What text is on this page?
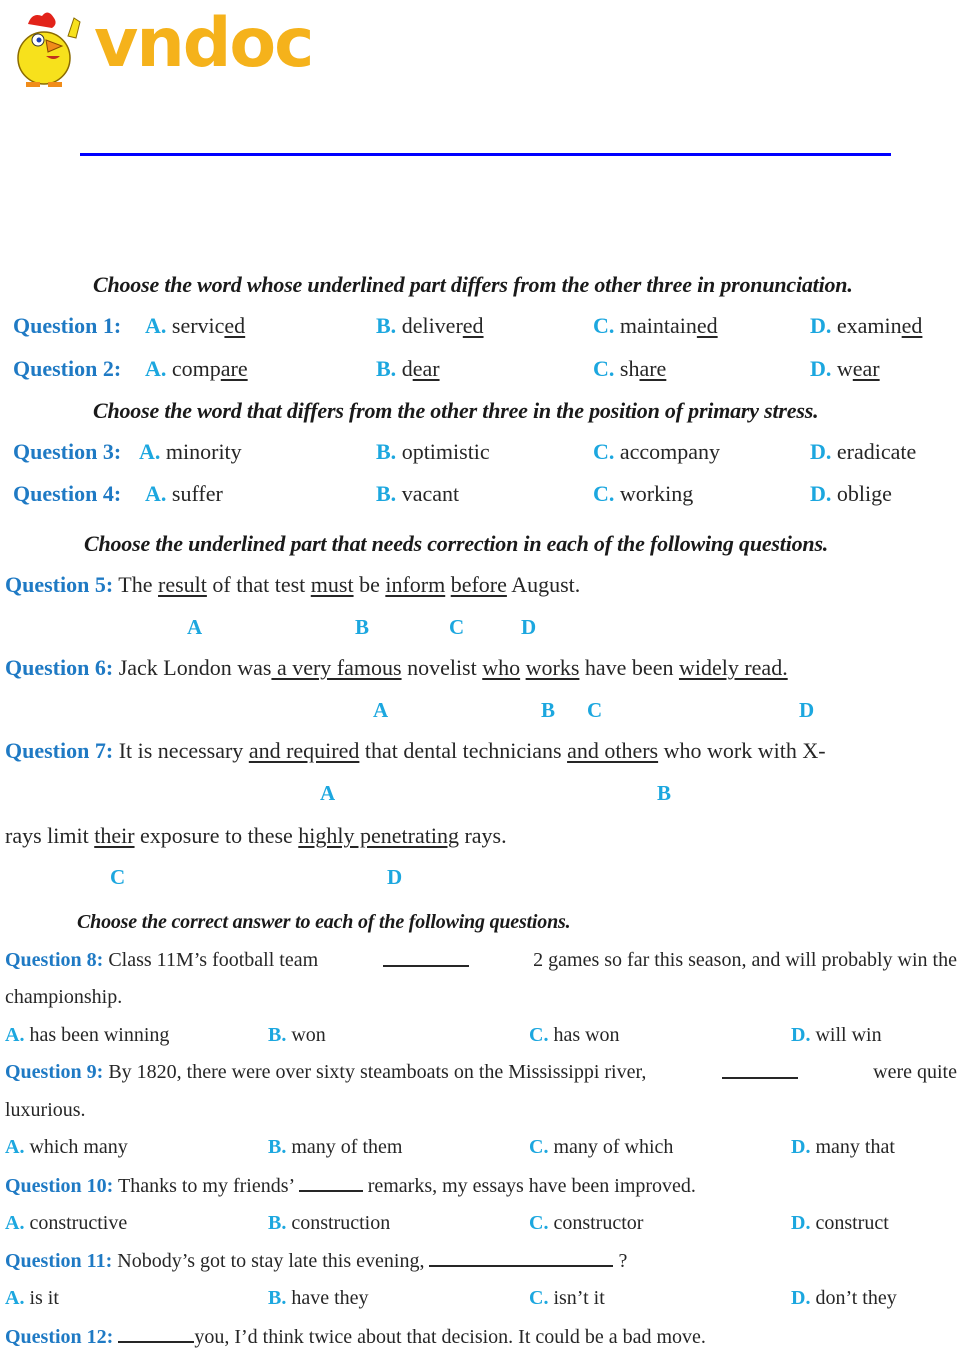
vndoc
Choose the word whose underlined part differs from the other three in pronunciation.
Question 1: A. serviced	B. delivered	C. maintained	D. examined
Question 2: A. compare	B. dear	C. share	D. wear
Choose the word that differs from the other three in the position of primary stress.
Question 3: A. minority	B. optimistic	C. accompany	D. eradicate
Question 4: A. suffer	B. vacant	C. working	D. oblige
Choose the underlined part that needs correction in each of the following questions.
Question 5: The result of that test must be inform before August.
A	B	C	D
Question 6: Jack London was a very famous novelist who works have been widely read.
A	B C	D
Question 7: It is necessary and required that dental technicians and others who work with X-
A	B
rays limit their exposure to these highly penetrating rays.
C	D
Choose the correct answer to each of the following questions.
Question 8: Class 11M’s football team	2 games so far this season, and will probably win the
championship.
A. has been winning	B. won	C. has won	D. will win
Question 9: By 1820, there were over sixty steamboats on the Mississippi river,	were quite
luxurious.
A. which many	B. many of them	C. many of which	D. many that
Question 10: Thanks to my friends’	remarks, my essays have been improved.
A. constructive	B. construction	C. constructor	D. construct
Question 11: Nobody’s got to stay late this evening,	?
A. is it	B. have they	C. isn’t it	D. don’t they
Question 12:	you, I’d think twice about that decision. It could be a bad move.
